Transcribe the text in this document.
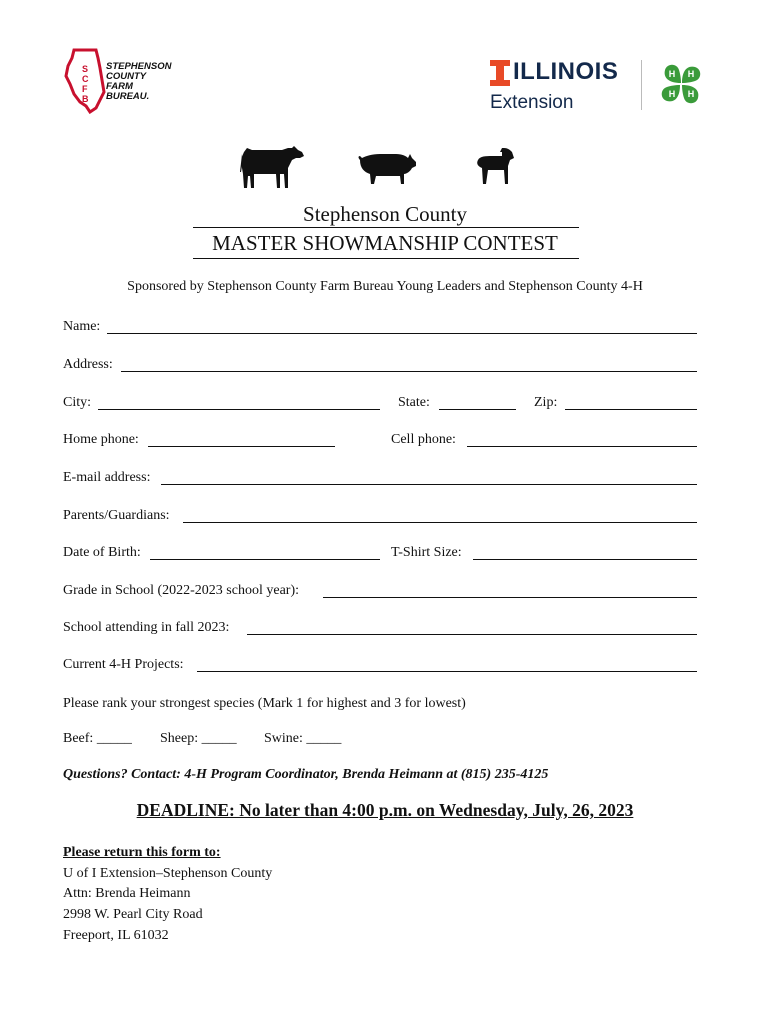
S
C
F
B
STEPHENSON
COUNTY
FARM
BUREAU.
ILLINOIS
Extension
H H
H
H
Stephenson County
MASTER SHOWMANSHIP CONTEST
Sponsored by Stephenson County Farm Bureau Young Leaders and Stephenson County 4-H
Name:
Address:
City:	State:	Zip:
Home phone:	Cell phone:
E-mail address:
Parents/Guardians:
Date of Birth:	T-Shirt Size:
Grade in School (2022-2023 school year):
School attending in fall 2023:
Current 4-H Projects:
Please rank your strongest species (Mark 1 for highest and 3 for lowest)
Beef: _____ Sheep: _____ Swine: _____
Questions? Contact: 4-H Program Coordinator, Brenda Heimann at (815) 235-4125
DEADLINE: No later than 4:00 p.m. on Wednesday, July, 26, 2023
Please return this form to:
U of I Extension–Stephenson County
Attn: Brenda Heimann
2998 W. Pearl City Road
Freeport, IL 61032
